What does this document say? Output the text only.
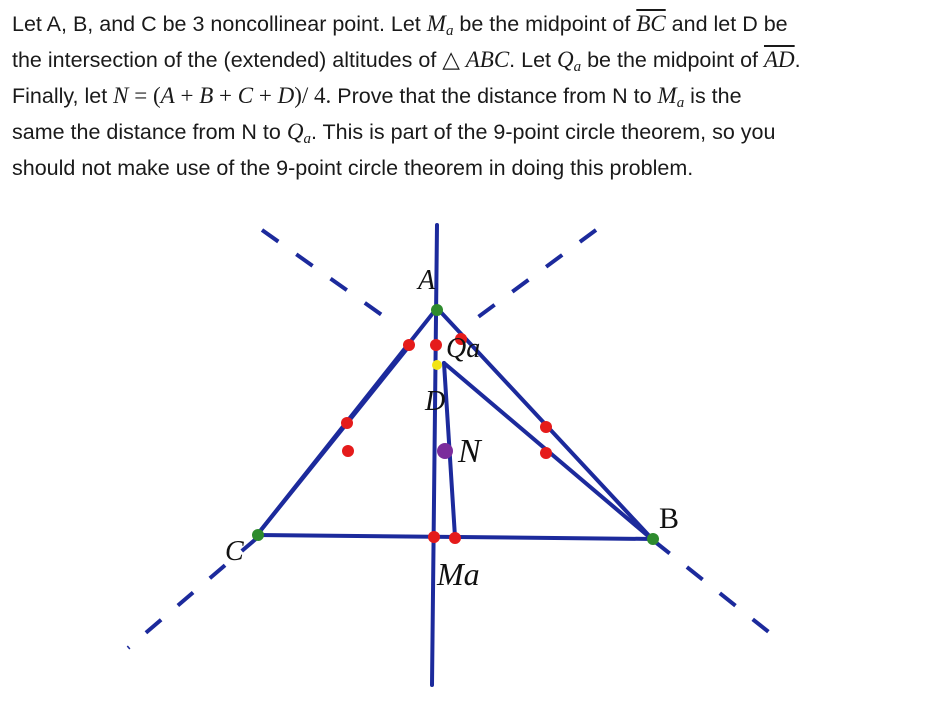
Let A, B, and C be 3 noncollinear point. Let $M_a$ be the midpoint of $\overline{BC}$ and let D be
the intersection of the (extended) altitudes of △ ABC. Let $Q_a$ be the midpoint of $\overline{AD}$.
Finally, let N = (A + B + C + D)/ 4. Prove that the distance from N to $M_a$ is the
same the distance from N to $Q_a$. This is part of the 9-point circle theorem, so you
should not make use of the 9-point circle theorem in doing this problem.
A
Qa
D
N
B
C
Ma
